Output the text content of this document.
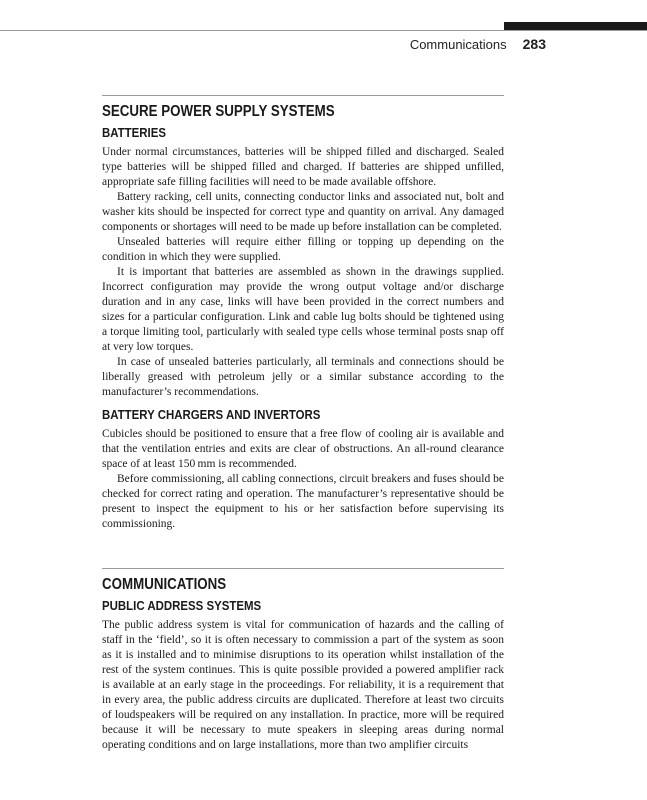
Communications 283
SECURE POWER SUPPLY SYSTEMS
BATTERIES

Under normal circumstances, batteries will be shipped filled and discharged. Sealed type batteries will be shipped filled and charged. If batteries are shipped unfilled, appropriate safe filling facilities will need to be made available offshore.

Battery racking, cell units, connecting conductor links and associated nut, bolt and washer kits should be inspected for correct type and quantity on arrival. Any damaged components or shortages will need to be made up before installation can be completed.

Unsealed batteries will require either filling or topping up depending on the condition in which they were supplied.

It is important that batteries are assembled as shown in the drawings supplied. Incorrect configuration may provide the wrong output voltage and/or discharge duration and in any case, links will have been provided in the correct numbers and sizes for a particular configuration. Link and cable lug bolts should be tightened using a torque limiting tool, particularly with sealed type cells whose terminal posts snap off at very low torques.

In case of unsealed batteries particularly, all terminals and connections should be liberally greased with petroleum jelly or a similar substance according to the manufacturer’s recommendations.

BATTERY CHARGERS AND INVERTORS

Cubicles should be positioned to ensure that a free flow of cooling air is available and that the ventilation entries and exits are clear of obstructions. An all-round clearance space of at least 150 mm is recommended.

Before commissioning, all cabling connections, circuit breakers and fuses should be checked for correct rating and operation. The manufacturer’s representative should be present to inspect the equipment to his or her satisfaction before supervising its commissioning.

COMMUNICATIONS
PUBLIC ADDRESS SYSTEMS

The public address system is vital for communication of hazards and the calling of staff in the ‘field’, so it is often necessary to commission a part of the system as soon as it is installed and to minimise disruptions to its operation whilst installation of the rest of the system continues. This is quite possible provided a powered amplifier rack is available at an early stage in the proceedings. For reliability, it is a requirement that in every area, the public address circuits are duplicated. Therefore at least two circuits of loudspeakers will be required on any installation. In practice, more will be required because it will be necessary to mute speakers in sleeping areas during normal operating conditions and on large installations, more than two amplifier circuits
